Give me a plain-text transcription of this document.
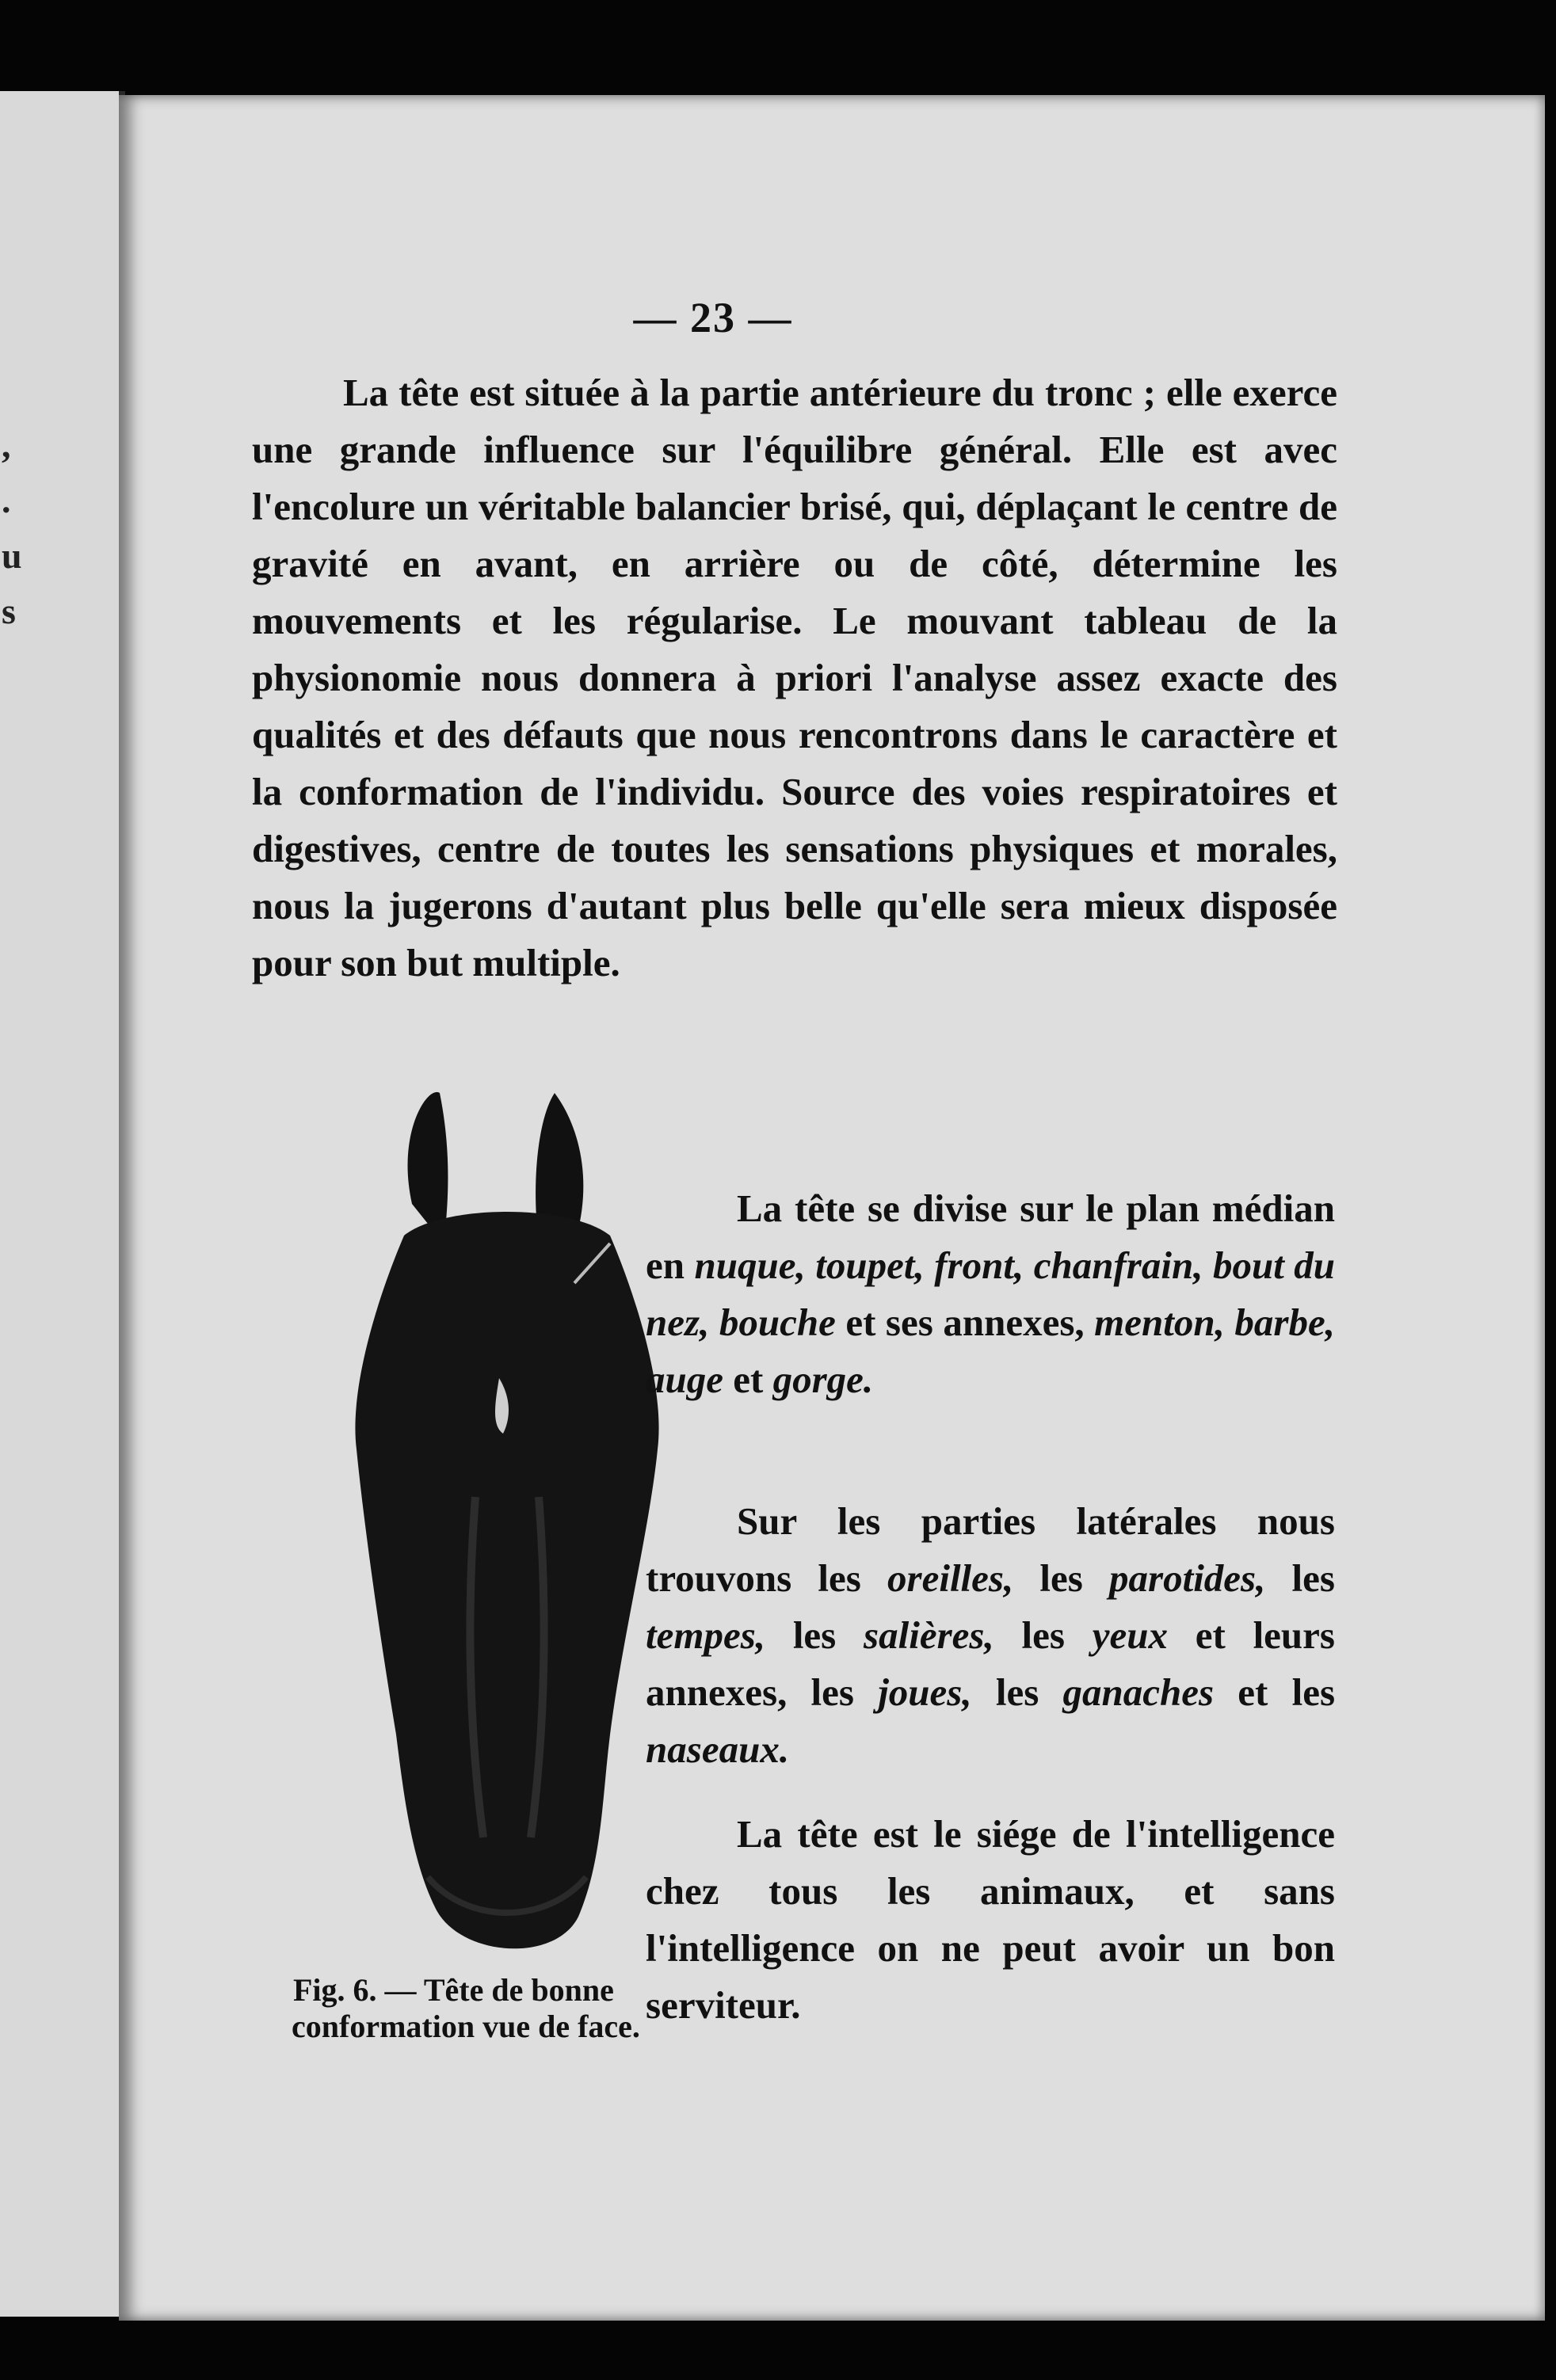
,
.
u
s
— 23 —

La tête est située à la partie antérieure du tronc ; elle exerce une grande influence sur l'équilibre général. Elle est avec l'encolure un véritable balancier brisé, qui, déplaçant le centre de gravité en avant, en arrière ou de côté, détermine les mouvements et les régularise. Le mouvant tableau de la physionomie nous donnera à priori l'analyse assez exacte des qualités et des défauts que nous rencontrons dans le caractère et la conformation de l'individu. Source des voies respiratoires et digestives, centre de toutes les sensations physiques et morales, nous la jugerons d'autant plus belle qu'elle sera mieux disposée pour son but multiple.

Fig. 6. — Tête de bonne
conformation vue de face.

La tête se divise sur le plan médian en nuque, toupet, front, chanfrain, bout du nez, bouche et ses annexes, menton, barbe, auge et gorge.

Sur les parties latérales nous trouvons les oreilles, les parotides, les tempes, les salières, les yeux et leurs annexes, les joues, les ganaches et les naseaux.

La tête est le siége de l'intelligence chez tous les animaux, et sans l'intelligence on ne peut avoir un bon serviteur.
